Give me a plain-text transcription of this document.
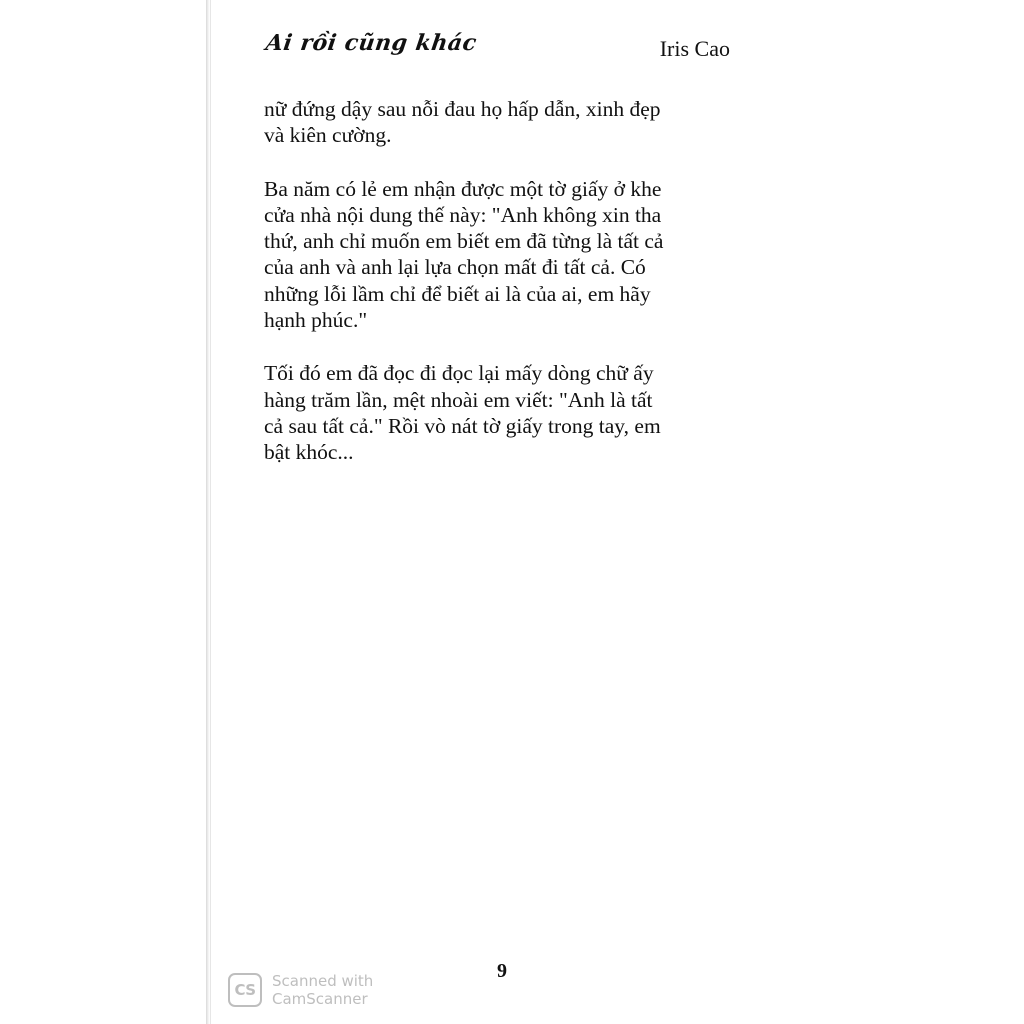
Ai rồi cũng khác	Iris Cao

nữ đứng dậy sau nỗi đau họ hấp dẫn, xinh đẹp
và kiên cường.

Ba năm có lẻ em nhận được một tờ giấy ở khe
cửa nhà nội dung thế này: "Anh không xin tha
thứ, anh chỉ muốn em biết em đã từng là tất cả
của anh và anh lại lựa chọn mất đi tất cả. Có
những lỗi lầm chỉ để biết ai là của ai, em hãy
hạnh phúc."

Tối đó em đã đọc đi đọc lại mấy dòng chữ ấy
hàng trăm lần, mệt nhoài em viết: "Anh là tất
cả sau tất cả." Rồi vò nát tờ giấy trong tay, em
bật khóc...

9
CS	Scanned with
CamScanner
